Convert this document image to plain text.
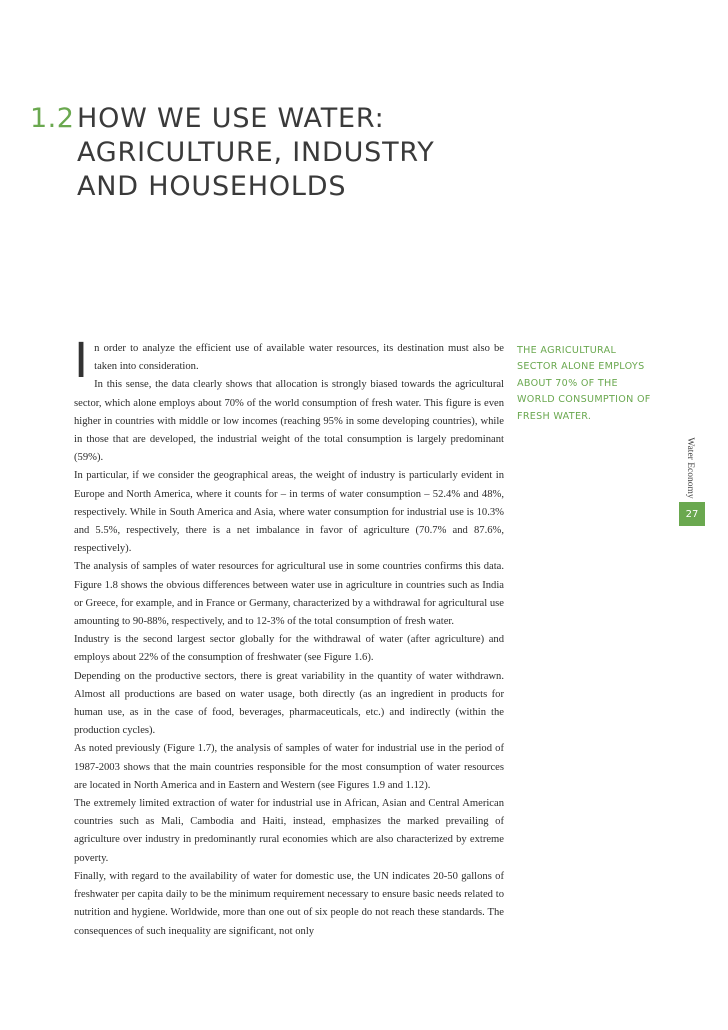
1.2 HOW WE USE WATER:
AGRICULTURE, INDUSTRY
AND HOUSEHOLDS

In order to analyze the efficient use of available water resources, its destination must also be taken into consideration.

In this sense, the data clearly shows that allocation is strongly biased towards the agricultural sector, which alone employs about 70% of the world consumption of fresh water. This figure is even higher in countries with middle or low incomes (reaching 95% in some developing countries), while in those that are developed, the industrial weight of the total consumption is largely predominant (59%).

In particular, if we consider the geographical areas, the weight of industry is particularly evident in Europe and North America, where it counts for – in terms of water consumption – 52.4% and 48%, respectively. While in South America and Asia, where water consumption for industrial use is 10.3% and 5.5%, respectively, there is a net imbalance in favor of agriculture (70.7% and 87.6%, respectively).

The analysis of samples of water resources for agricultural use in some countries confirms this data. Figure 1.8 shows the obvious differences between water use in agriculture in countries such as India or Greece, for example, and in France or Germany, characterized by a withdrawal for agricultural use amounting to 90-88%, respectively, and to 12-3% of the total consumption of fresh water.

Industry is the second largest sector globally for the withdrawal of water (after agriculture) and employs about 22% of the consumption of freshwater (see Figure 1.6).

Depending on the productive sectors, there is great variability in the quantity of water withdrawn. Almost all productions are based on water usage, both directly (as an ingredient in products for human use, as in the case of food, beverages, pharmaceuticals, etc.) and indirectly (within the production cycles).

As noted previously (Figure 1.7), the analysis of samples of water for industrial use in the period of 1987-2003 shows that the main countries responsible for the most consumption of water resources are located in North America and in Eastern and Western (see Figures 1.9 and 1.12).

The extremely limited extraction of water for industrial use in African, Asian and Central American countries such as Mali, Cambodia and Haiti, instead, emphasizes the marked prevailing of agriculture over industry in predominantly rural economies which are also characterized by extreme poverty.

Finally, with regard to the availability of water for domestic use, the UN indicates 20-50 gallons of freshwater per capita daily to be the minimum requirement necessary to ensure basic needs related to nutrition and hygiene. Worldwide, more than one out of six people do not reach these standards. The consequences of such inequality are significant, not only

THE AGRICULTURAL SECTOR ALONE EMPLOYS ABOUT 70% OF THE WORLD CONSUMPTION OF FRESH WATER.
Water Economy
27
